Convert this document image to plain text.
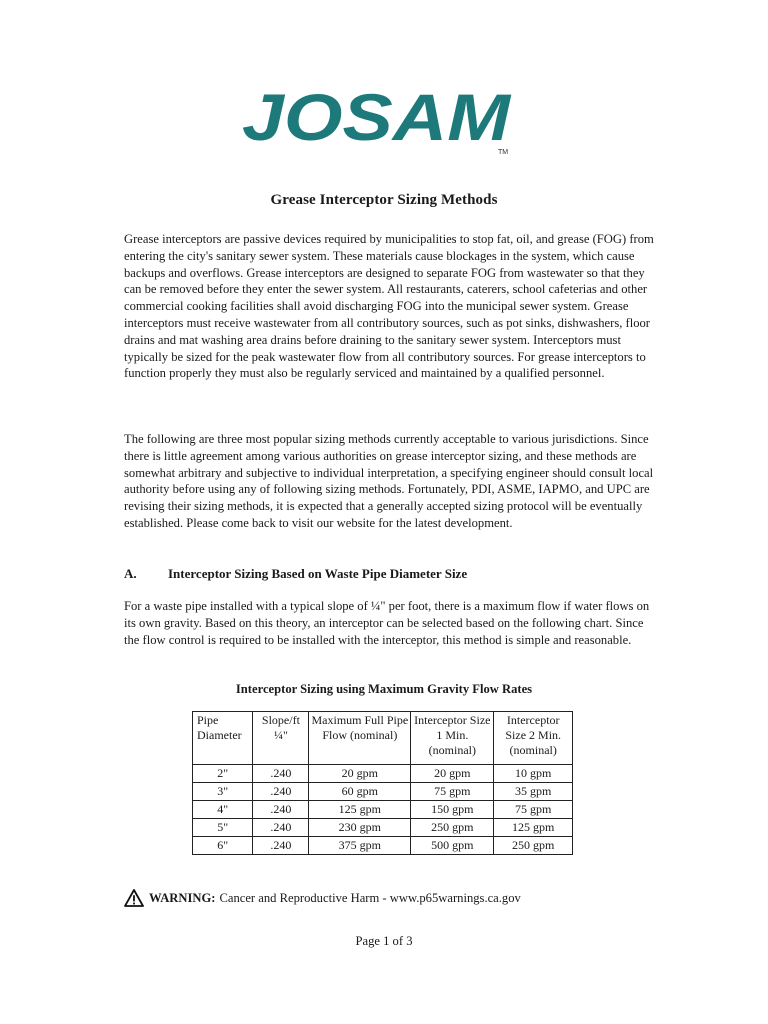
JOSAM
TM
Grease Interceptor Sizing Methods

Grease interceptors are passive devices required by municipalities to stop fat, oil, and grease (FOG) from entering the city's sanitary sewer system. These materials cause blockages in the system, which cause backups and overflows. Grease interceptors are designed to separate FOG from wastewater so that they can be removed before they enter the sewer system. All restaurants, caterers, school cafeterias and other commercial cooking facilities shall avoid discharging FOG into the municipal sewer system. Grease interceptors must receive wastewater from all contributory sources, such as pot sinks, dishwashers, floor drains and mat washing area drains before draining to the sanitary sewer system. Interceptors must typically be sized for the peak wastewater flow from all contributory sources. For grease interceptors to function properly they must also be regularly serviced and maintained by a qualified personnel.

The following are three most popular sizing methods currently acceptable to various jurisdictions. Since there is little agreement among various authorities on grease interceptor sizing, and these methods are somewhat arbitrary and subjective to individual interpretation, a specifying engineer should consult local authority before using any of following sizing methods. Fortunately, PDI, ASME, IAPMO, and UPC are revising their sizing methods, it is expected that a generally accepted sizing protocol will be eventually established. Please come back to visit our website for the latest development.

A. Interceptor Sizing Based on Waste Pipe Diameter Size

For a waste pipe installed with a typical slope of ¼" per foot, there is a maximum flow if water flows on its own gravity. Based on this theory, an interceptor can be selected based on the following chart. Since the flow control is required to be installed with the interceptor, this method is simple and reasonable.

Interceptor Sizing using Maximum Gravity Flow Rates
Pipe Diameter	Slope/ft ¼"	Maximum Full Pipe Flow (nominal)	Interceptor Size 1 Min. (nominal)	Interceptor Size 2 Min. (nominal)
2"	.240	20 gpm	20 gpm	10 gpm
3"	.240	60 gpm	75 gpm	35 gpm
4"	.240	125 gpm	150 gpm	75 gpm
5"	.240	230 gpm	250 gpm	125 gpm
6"	.240	375 gpm	500 gpm	250 gpm
WARNING: Cancer and Reproductive Harm - www.p65warnings.ca.gov
Page 1 of 3
